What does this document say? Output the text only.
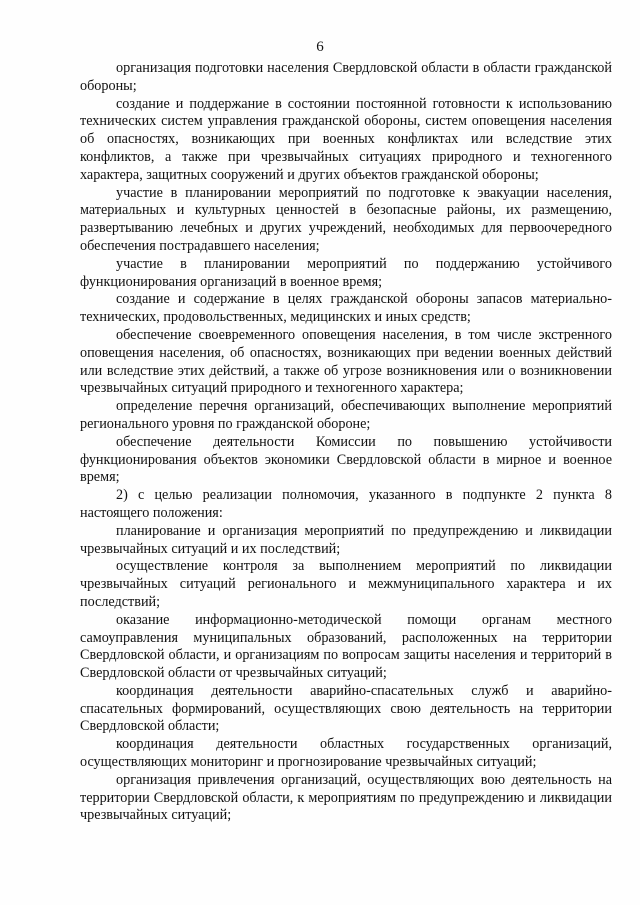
6

организация подготовки населения Свердловской области в области гражданской обороны;

создание и поддержание в состоянии постоянной готовности к использованию технических систем управления гражданской обороны, систем оповещения населения об опасностях, возникающих при военных конфликтах или вследствие этих конфликтов, а также при чрезвычайных ситуациях природного и техногенного характера, защитных сооружений и других объектов гражданской обороны;

участие в планировании мероприятий по подготовке к эвакуации населения, материальных и культурных ценностей в безопасные районы, их размещению, развертыванию лечебных и других учреждений, необходимых для первоочередного обеспечения пострадавшего населения;

участие в планировании мероприятий по поддержанию устойчивого функционирования организаций в военное время;

создание и содержание в целях гражданской обороны запасов материально-технических, продовольственных, медицинских и иных средств;

обеспечение своевременного оповещения населения, в том числе экстренного оповещения населения, об опасностях, возникающих при ведении военных действий или вследствие этих действий, а также об угрозе возникновения или о возникновении чрезвычайных ситуаций природного и техногенного характера;

определение перечня организаций, обеспечивающих выполнение мероприятий регионального уровня по гражданской обороне;

обеспечение деятельности Комиссии по повышению устойчивости функционирования объектов экономики Свердловской области в мирное и военное время;

2) с целью реализации полномочия, указанного в подпункте 2 пункта 8 настоящего положения:

планирование и организация мероприятий по предупреждению и ликвидации чрезвычайных ситуаций и их последствий;

осуществление контроля за выполнением мероприятий по ликвидации чрезвычайных ситуаций регионального и межмуниципального характера и их последствий;

оказание информационно-методической помощи органам местного самоуправления муниципальных образований, расположенных на территории Свердловской области, и организациям по вопросам защиты населения и территорий в Свердловской области от чрезвычайных ситуаций;

координация деятельности аварийно-спасательных служб и аварийно-спасательных формирований, осуществляющих свою деятельность на территории Свердловской области;

координация деятельности областных государственных организаций, осуществляющих мониторинг и прогнозирование чрезвычайных ситуаций;

организация привлечения организаций, осуществляющих вою деятельность на территории Свердловской области, к мероприятиям по предупреждению и ликвидации чрезвычайных ситуаций;
